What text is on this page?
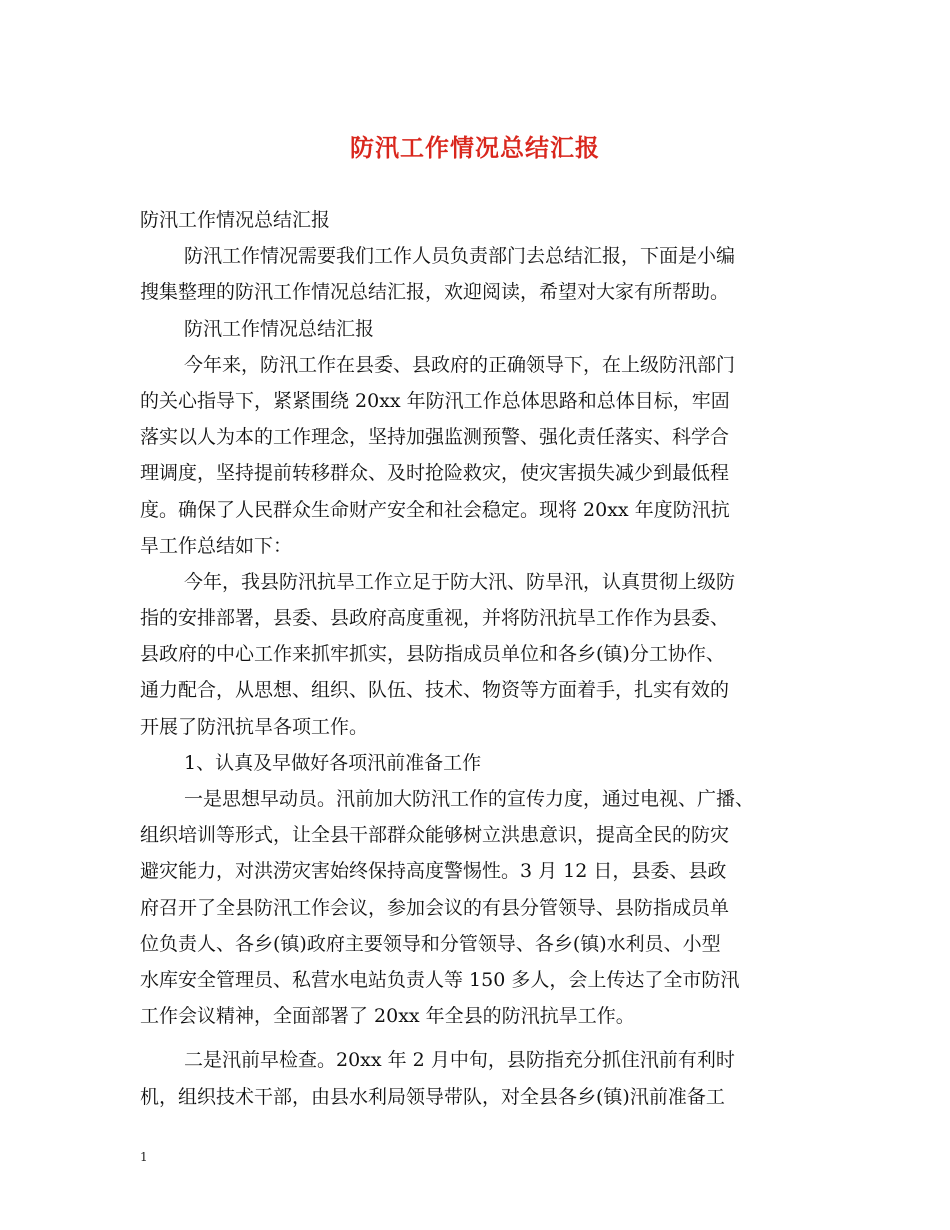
防汛工作情况总结汇报
防汛工作情况总结汇报
防汛工作情况需要我们工作人员负责部门去总结汇报，下面是小编
搜集整理的防汛工作情况总结汇报，欢迎阅读，希望对大家有所帮助。
防汛工作情况总结汇报
今年来，防汛工作在县委、县政府的正确领导下，在上级防汛部门
的关心指导下，紧紧围绕 20xx 年防汛工作总体思路和总体目标，牢固
落实以人为本的工作理念，坚持加强监测预警、强化责任落实、科学合
理调度，坚持提前转移群众、及时抢险救灾，使灾害损失减少到最低程
度。确保了人民群众生命财产安全和社会稳定。现将 20xx 年度防汛抗
旱工作总结如下：
今年，我县防汛抗旱工作立足于防大汛、防旱汛，认真贯彻上级防
指的安排部署，县委、县政府高度重视，并将防汛抗旱工作作为县委、
县政府的中心工作来抓牢抓实，县防指成员单位和各乡(镇)分工协作、
通力配合，从思想、组织、队伍、技术、物资等方面着手，扎实有效的
开展了防汛抗旱各项工作。
1、认真及早做好各项汛前准备工作
一是思想早动员。汛前加大防汛工作的宣传力度，通过电视、广播、
组织培训等形式，让全县干部群众能够树立洪患意识，提高全民的防灾
避灾能力，对洪涝灾害始终保持高度警惕性。3 月 12 日，县委、县政
府召开了全县防汛工作会议，参加会议的有县分管领导、县防指成员单
位负责人、各乡(镇)政府主要领导和分管领导、各乡(镇)水利员、小型
水库安全管理员、私营水电站负责人等 150 多人，会上传达了全市防汛
工作会议精神，全面部署了 20xx 年全县的防汛抗旱工作。
二是汛前早检查。20xx 年 2 月中旬，县防指充分抓住汛前有利时
机，组织技术干部，由县水利局领导带队，对全县各乡(镇)汛前准备工
1
